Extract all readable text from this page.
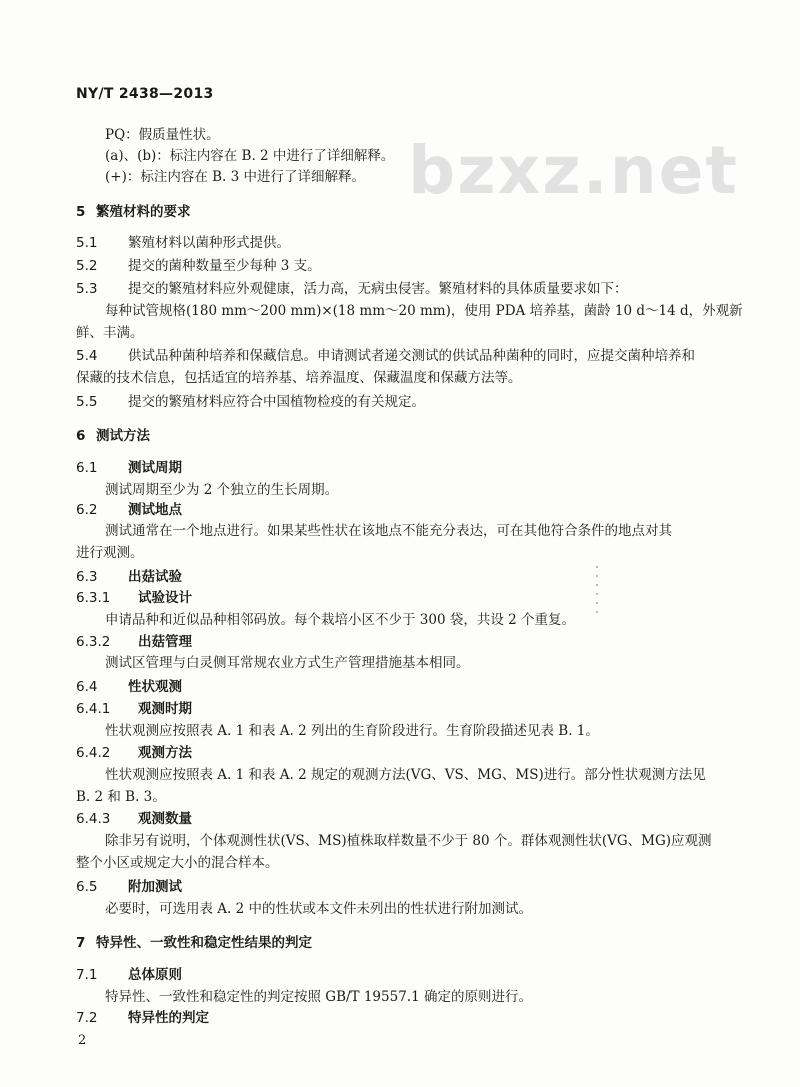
bzxz.net
NY/T 2438—2013
PQ：假质量性状。
(a)、(b)：标注内容在 B. 2 中进行了详细解释。
(+)：标注内容在 B. 3 中进行了详细解释。
5 繁殖材料的要求
5.1 繁殖材料以菌种形式提供。
5.2 提交的菌种数量至少每种 3 支。
5.3 提交的繁殖材料应外观健康，活力高，无病虫侵害。繁殖材料的具体质量要求如下：
每种试管规格(180 mm～200 mm)×(18 mm～20 mm)，使用 PDA 培养基，菌龄 10 d～14 d，外观新
鲜、丰满。
5.4 供试品种菌种培养和保藏信息。申请测试者递交测试的供试品种菌种的同时，应提交菌种培养和
保藏的技术信息，包括适宜的培养基、培养温度、保藏温度和保藏方法等。
5.5 提交的繁殖材料应符合中国植物检疫的有关规定。
6 测试方法
6.1 测试周期
测试周期至少为 2 个独立的生长周期。
6.2 测试地点
测试通常在一个地点进行。如果某些性状在该地点不能充分表达，可在其他符合条件的地点对其
进行观测。
6.3 出菇试验
6.3.1 试验设计
申请品种和近似品种相邻码放。每个栽培小区不少于 300 袋，共设 2 个重复。
6.3.2 出菇管理
测试区管理与白灵侧耳常规农业方式生产管理措施基本相同。
6.4 性状观测
6.4.1 观测时期
性状观测应按照表 A. 1 和表 A. 2 列出的生育阶段进行。生育阶段描述见表 B. 1。
6.4.2 观测方法
性状观测应按照表 A. 1 和表 A. 2 规定的观测方法(VG、VS、MG、MS)进行。部分性状观测方法见
B. 2 和 B. 3。
6.4.3 观测数量
除非另有说明，个体观测性状(VS、MS)植株取样数量不少于 80 个。群体观测性状(VG、MG)应观测
整个小区或规定大小的混合样本。
6.5 附加测试
必要时，可选用表 A. 2 中的性状或本文件未列出的性状进行附加测试。
7 特异性、一致性和稳定性结果的判定
7.1 总体原则
特异性、一致性和稳定性的判定按照 GB/T 19557.1 确定的原则进行。
7.2 特异性的判定
2
